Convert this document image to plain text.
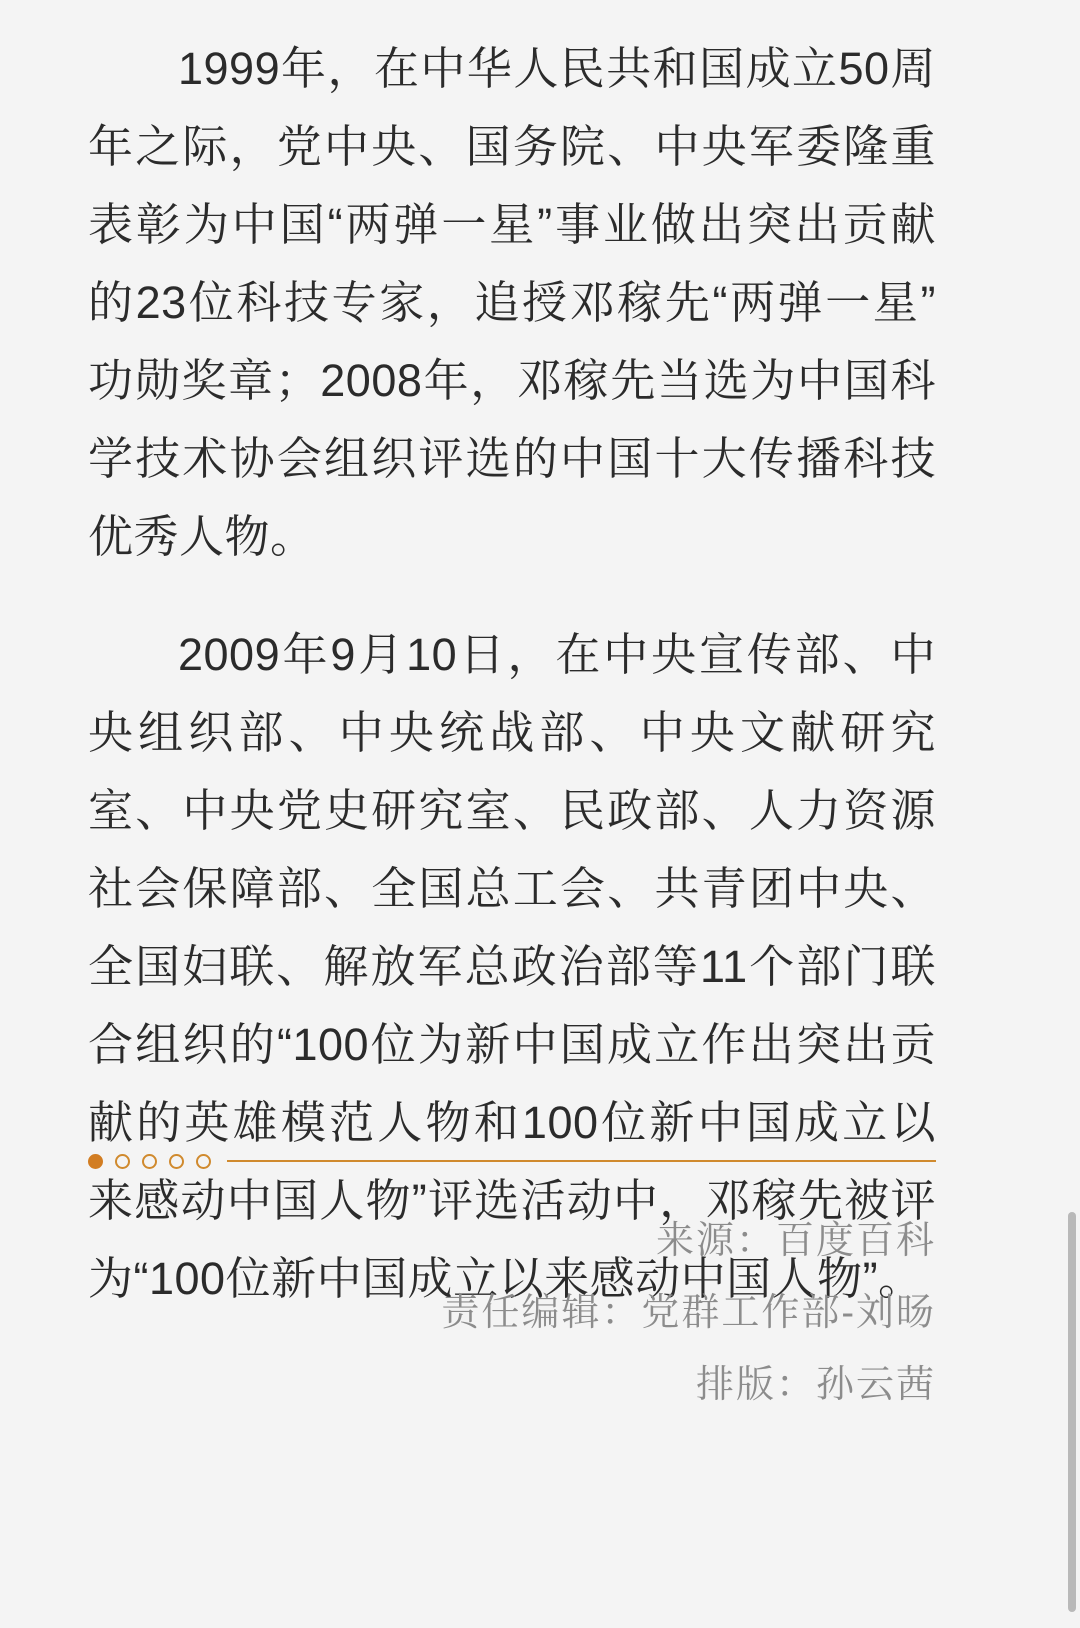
1999年，在中华人民共和国成立50周年之际，党中央、国务院、中央军委隆重表彰为中国“两弹一星”事业做出突出贡献的23位科技专家，追授邓稼先“两弹一星”功勋奖章；2008年，邓稼先当选为中国科学技术协会组织评选的中国十大传播科技优秀人物。

2009年9月10日，在中央宣传部、中央组织部、中央统战部、中央文献研究室、中央党史研究室、民政部、人力资源社会保障部、全国总工会、共青团中央、全国妇联、解放军总政治部等11个部门联合组织的“100位为新中国成立作出突出贡献的英雄模范人物和100位新中国成立以来感动中国人物”评选活动中，邓稼先被评为“100位新中国成立以来感动中国人物”。

来源：百度百科
责任编辑：党群工作部-刘旸
排版：孙云茜
